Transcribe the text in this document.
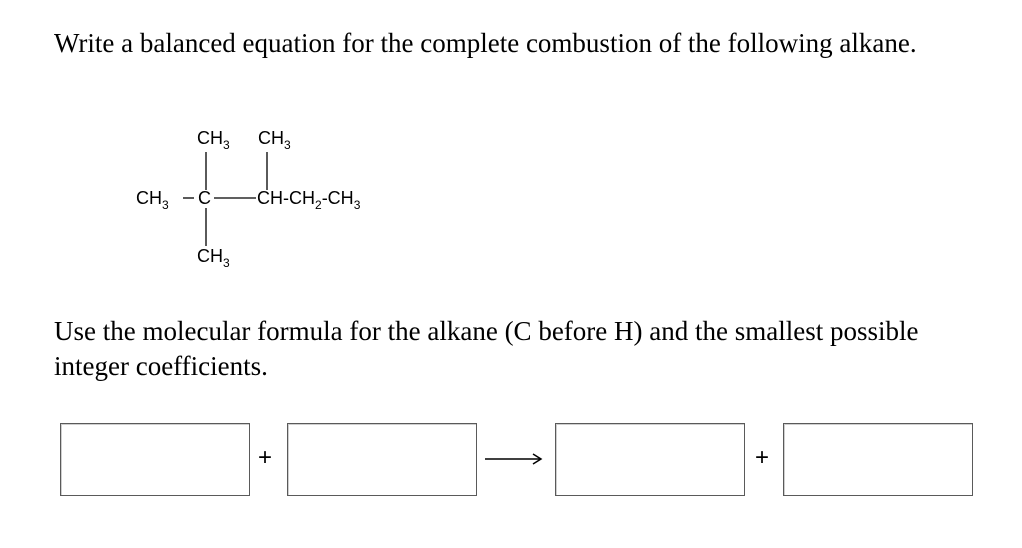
Write a balanced equation for the complete combustion of the following alkane.

$CH_3$ $CH_3$
$CH_3$ C	$CH-CH_2-CH_3$
$CH_3$

Use the molecular formula for the alkane (C before H) and the smallest possible integer coefficients.

+	+
